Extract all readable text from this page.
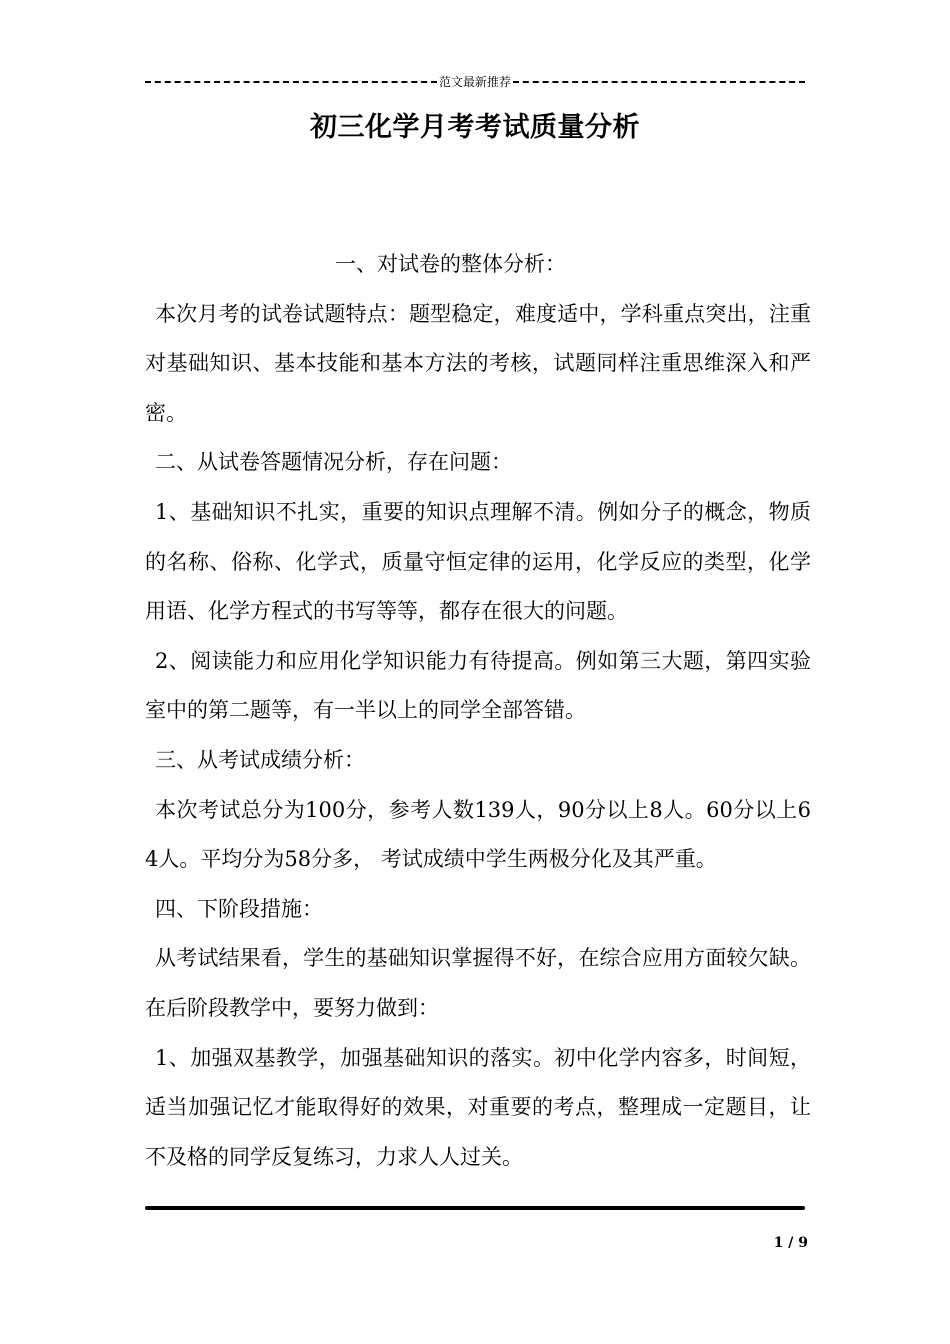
范文最新推荐
初三化学月考考试质量分析

一、对试卷的整体分析：

本次月考的试卷试题特点：题型稳定，难度适中，学科重点突出，注重对基础知识、基本技能和基本方法的考核，试题同样注重思维深入和严密。

二、从试卷答题情况分析，存在问题：

1、基础知识不扎实，重要的知识点理解不清。例如分子的概念，物质的名称、俗称、化学式，质量守恒定律的运用，化学反应的类型，化学用语、化学方程式的书写等等，都存在很大的问题。

2、阅读能力和应用化学知识能力有待提高。例如第三大题，第四实验室中的第二题等，有一半以上的同学全部答错。

三、从考试成绩分析：

本次考试总分为100分，参考人数139人，90分以上8人。60分以上64人。平均分为58分多， 考试成绩中学生两极分化及其严重。

四、下阶段措施：

从考试结果看，学生的基础知识掌握得不好，在综合应用方面较欠缺。在后阶段教学中，要努力做到：

1、加强双基教学，加强基础知识的落实。初中化学内容多，时间短，适当加强记忆才能取得好的效果，对重要的考点，整理成一定题目，让不及格的同学反复练习，力求人人过关。

1 / 9
